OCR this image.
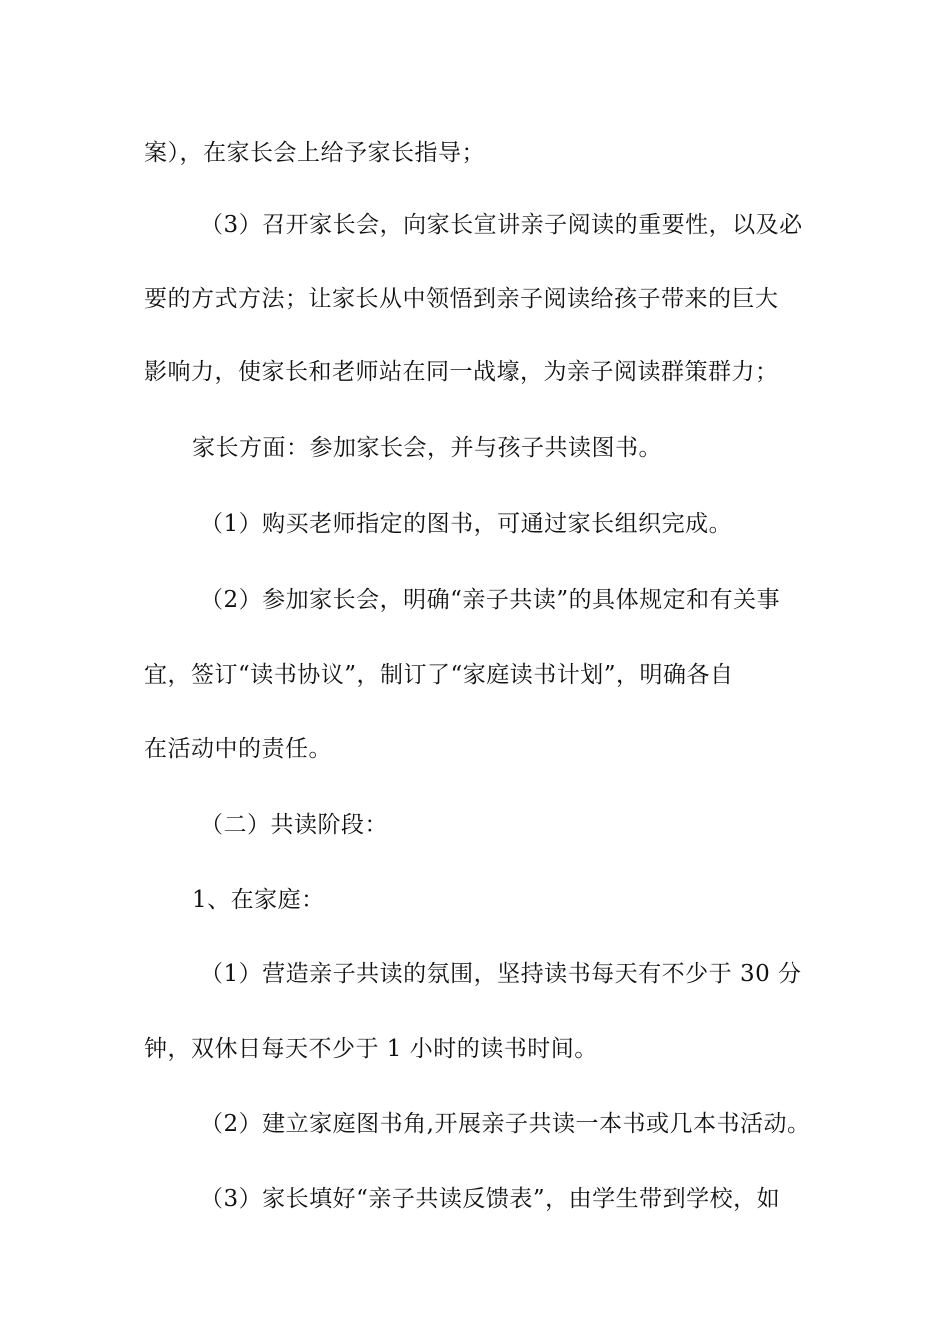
案），在家长会上给予家长指导；
（3）召开家长会，向家长宣讲亲子阅读的重要性，以及必
要的方式方法；让家长从中领悟到亲子阅读给孩子带来的巨大
影响力，使家长和老师站在同一战壕，为亲子阅读群策群力；
家长方面：参加家长会，并与孩子共读图书。
（1）购买老师指定的图书，可通过家长组织完成。
（2）参加家长会，明确“亲子共读”的具体规定和有关事
宜，签订“读书协议”，制订了“家庭读书计划”，明确各自
在活动中的责任。
（二）共读阶段：
1、在家庭：
（1）营造亲子共读的氛围，坚持读书每天有不少于 30 分
钟，双休日每天不少于 1 小时的读书时间。
（2）建立家庭图书角,开展亲子共读一本书或几本书活动。
（3）家长填好“亲子共读反馈表”，由学生带到学校，如
